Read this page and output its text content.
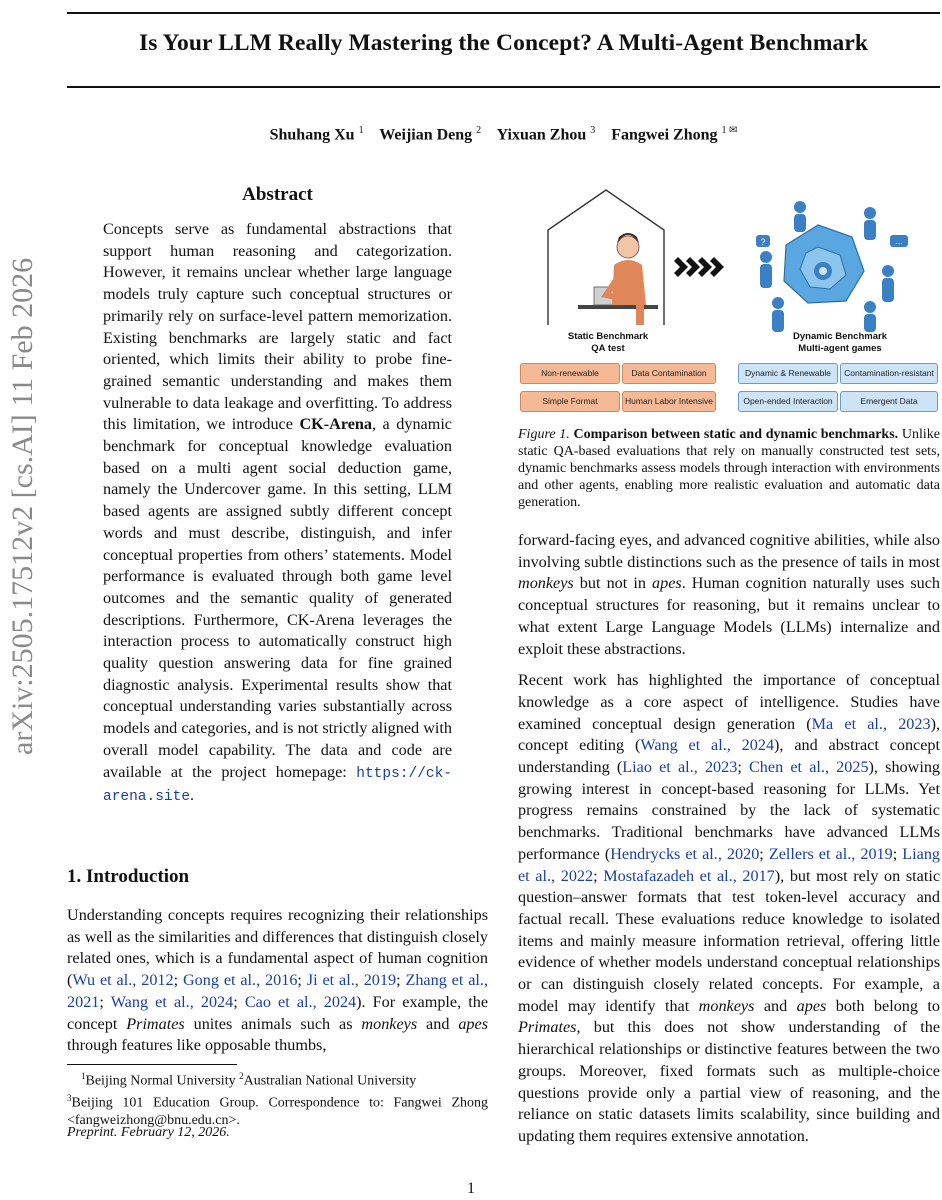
arXiv:2505.17512v2 [cs.AI] 11 Feb 2026
Is Your LLM Really Mastering the Concept? A Multi-Agent Benchmark
Shuhang Xu $^1$ Weijian Deng $^2$ Yixuan Zhou $^3$ Fangwei Zhong $^{1 ✉}$
Abstract
Concepts serve as fundamental abstractions that support human reasoning and categorization. However, it remains unclear whether large language models truly capture such conceptual structures or primarily rely on surface-level pattern memorization. Existing benchmarks are largely static and fact oriented, which limits their ability to probe fine-grained semantic understanding and makes them vulnerable to data leakage and overfitting. To address this limitation, we introduce CK-Arena, a dynamic benchmark for conceptual knowledge evaluation based on a multi agent social deduction game, namely the Undercover game. In this setting, LLM based agents are assigned subtly different concept words and must describe, distinguish, and infer conceptual properties from others’ statements. Model performance is evaluated through both game level outcomes and the semantic quality of generated descriptions. Furthermore, CK-Arena leverages the interaction process to automatically construct high quality question answering data for fine grained diagnostic analysis. Experimental results show that conceptual understanding varies substantially across models and categories, and is not strictly aligned with overall model capability. The data and code are available at the project homepage: https://ck-arena.site.
1. Introduction
Understanding concepts requires recognizing their relationships as well as the similarities and differences that distinguish closely related ones, which is a fundamental aspect of human cognition (Wu et al., 2012; Gong et al., 2016; Ji et al., 2019; Zhang et al., 2021; Wang et al., 2024; Cao et al., 2024). For example, the concept Primates unites animals such as monkeys and apes through features like opposable thumbs,
$^1$Beijing Normal University $^2$Australian National University
$^3$Beijing 101 Education Group. Correspondence to: Fangwei Zhong <fangweizhong@bnu.edu.cn>.
Preprint. February 12, 2026.
?	...
Static Benchmark
QA test
Dynamic Benchmark
Multi-agent games
Non-renewable	Data Contamination
Simple Format	Human Labor Intensive
Dynamic & Renewable	Contamination-resistant
Open-ended Interaction	Emergent Data
Figure 1. Comparison between static and dynamic benchmarks. Unlike static QA-based evaluations that rely on manually constructed test sets, dynamic benchmarks assess models through interaction with environments and other agents, enabling more realistic evaluation and automatic data generation.

forward-facing eyes, and advanced cognitive abilities, while also involving subtle distinctions such as the presence of tails in most monkeys but not in apes. Human cognition naturally uses such conceptual structures for reasoning, but it remains unclear to what extent Large Language Models (LLMs) internalize and exploit these abstractions.

Recent work has highlighted the importance of conceptual knowledge as a core aspect of intelligence. Studies have examined conceptual design generation (Ma et al., 2023), concept editing (Wang et al., 2024), and abstract concept understanding (Liao et al., 2023; Chen et al., 2025), showing growing interest in concept-based reasoning for LLMs. Yet progress remains constrained by the lack of systematic benchmarks. Traditional benchmarks have advanced LLMs performance (Hendrycks et al., 2020; Zellers et al., 2019; Liang et al., 2022; Mostafazadeh et al., 2017), but most rely on static question–answer formats that test token-level accuracy and factual recall. These evaluations reduce knowledge to isolated items and mainly measure information retrieval, offering little evidence of whether models understand conceptual relationships or can distinguish closely related concepts. For example, a model may identify that monkeys and apes both belong to Primates, but this does not show understanding of the hierarchical relationships or distinctive features between the two groups. Moreover, fixed formats such as multiple-choice questions provide only a partial view of reasoning, and the reliance on static datasets limits scalability, since building and updating them requires extensive annotation.

1
